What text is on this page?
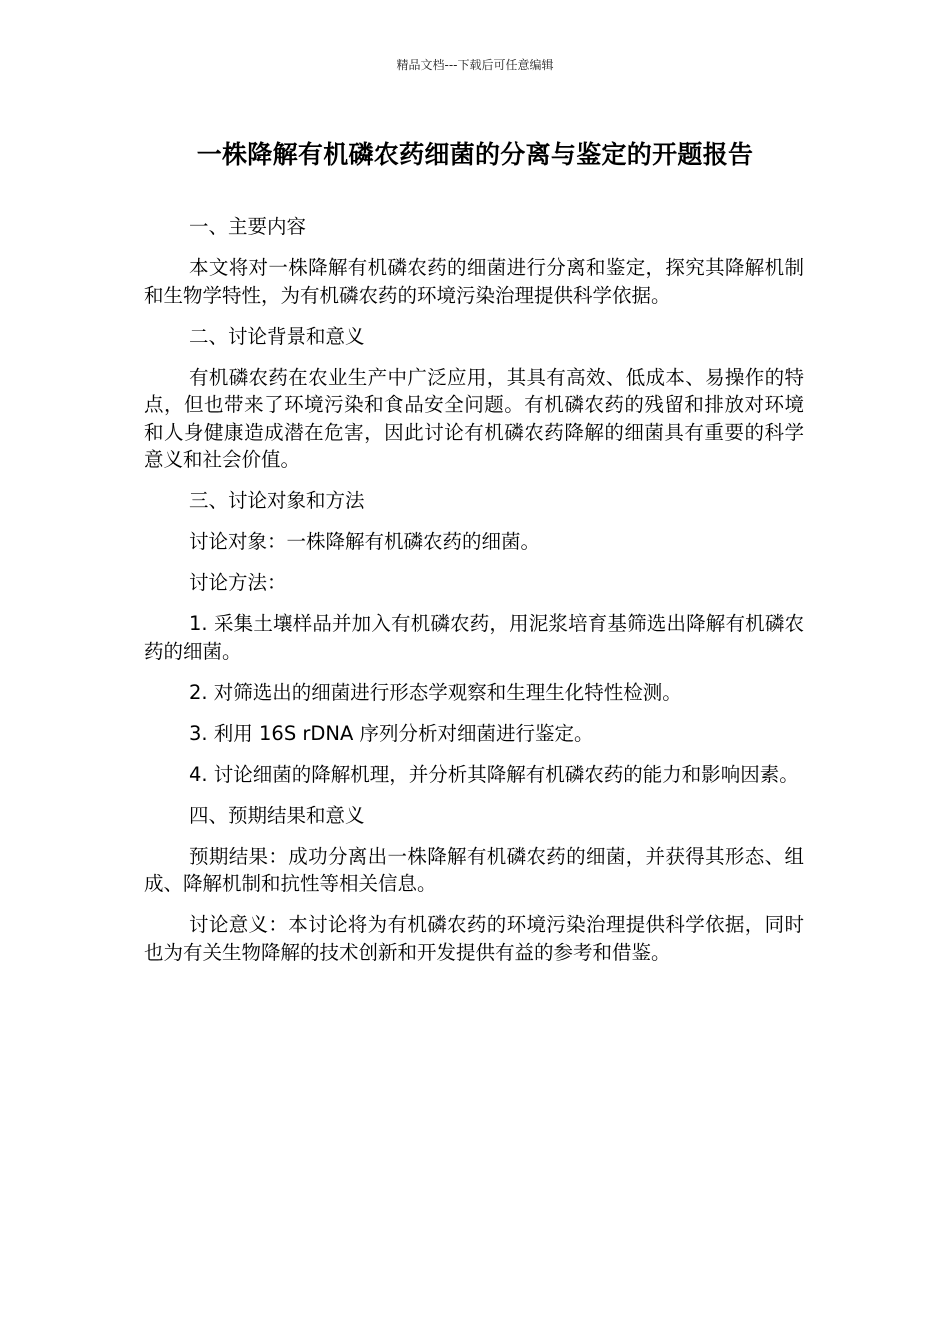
精品文档---下载后可任意编辑
一株降解有机磷农药细菌的分离与鉴定的开题报告

一、主要内容

本文将对一株降解有机磷农药的细菌进行分离和鉴定，探究其降解机制和生物学特性，为有机磷农药的环境污染治理提供科学依据。

二、讨论背景和意义

有机磷农药在农业生产中广泛应用，其具有高效、低成本、易操作的特点，但也带来了环境污染和食品安全问题。有机磷农药的残留和排放对环境和人身健康造成潜在危害，因此讨论有机磷农药降解的细菌具有重要的科学意义和社会价值。

三、讨论对象和方法

讨论对象：一株降解有机磷农药的细菌。

讨论方法：

1. 采集土壤样品并加入有机磷农药，用泥浆培育基筛选出降解有机磷农药的细菌。

2. 对筛选出的细菌进行形态学观察和生理生化特性检测。

3. 利用 16S rDNA 序列分析对细菌进行鉴定。

4. 讨论细菌的降解机理，并分析其降解有机磷农药的能力和影响因素。

四、预期结果和意义

预期结果：成功分离出一株降解有机磷农药的细菌，并获得其形态、组成、降解机制和抗性等相关信息。

讨论意义：本讨论将为有机磷农药的环境污染治理提供科学依据，同时也为有关生物降解的技术创新和开发提供有益的参考和借鉴。
